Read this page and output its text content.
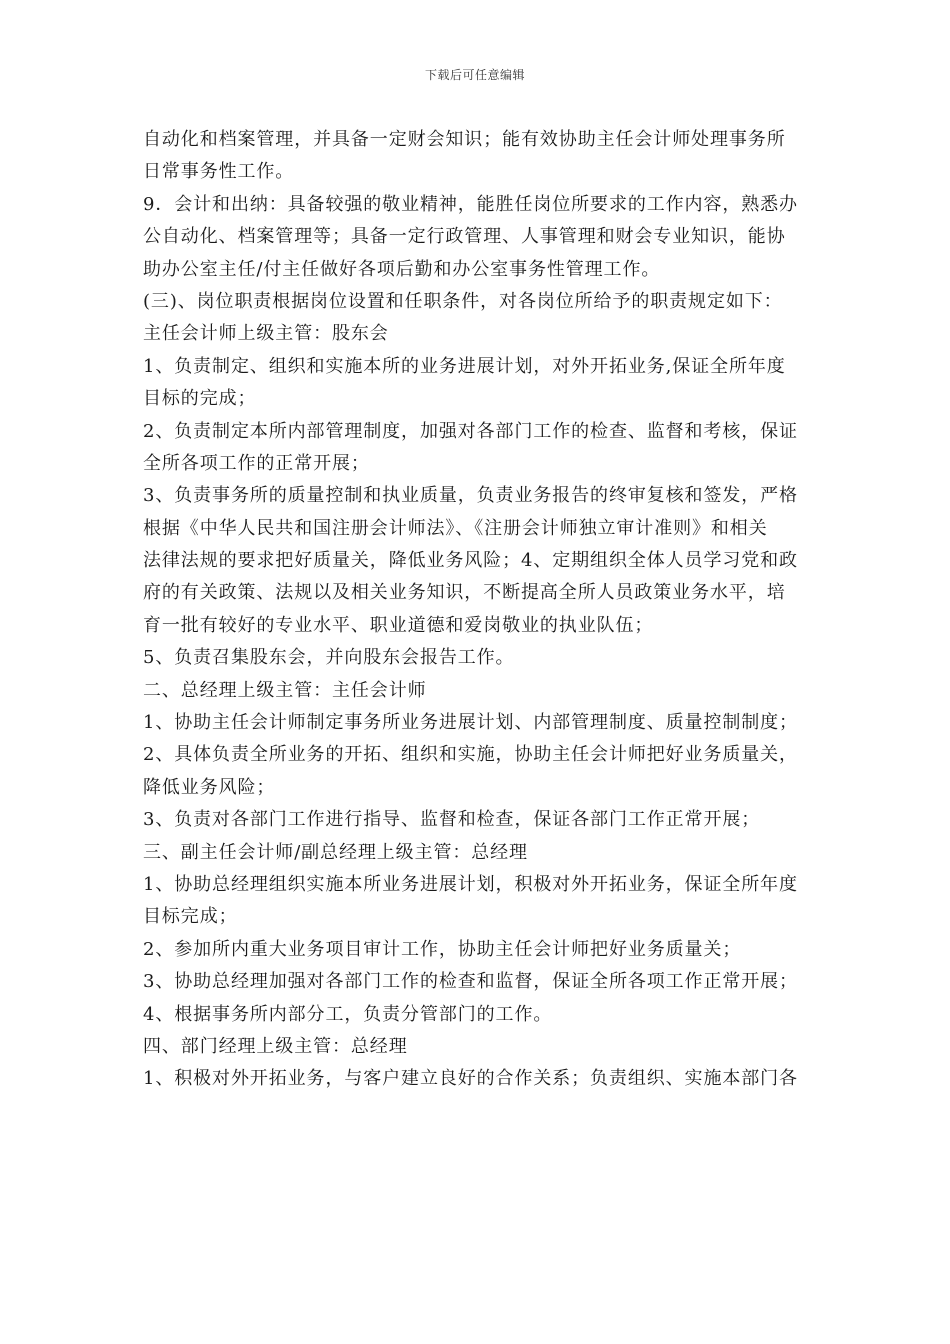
下载后可任意编辑
自动化和档案管理，并具备一定财会知识；能有效协助主任会计师处理事务所
日常事务性工作。
9．会计和出纳：具备较强的敬业精神，能胜任岗位所要求的工作内容，熟悉办
公自动化、档案管理等；具备一定行政管理、人事管理和财会专业知识，能协
助办公室主任/付主任做好各项后勤和办公室事务性管理工作。
(三)、岗位职责根据岗位设置和任职条件，对各岗位所给予的职责规定如下：
主任会计师上级主管：股东会
1、负责制定、组织和实施本所的业务进展计划，对外开拓业务,保证全所年度
目标的完成；
2、负责制定本所内部管理制度，加强对各部门工作的检查、监督和考核，保证
全所各项工作的正常开展；
3、负责事务所的质量控制和执业质量，负责业务报告的终审复核和签发，严格
根据《中华人民共和国注册会计师法》、《注册会计师独立审计准则》和相关
法律法规的要求把好质量关，降低业务风险；4、定期组织全体人员学习党和政
府的有关政策、法规以及相关业务知识，不断提高全所人员政策业务水平，培
育一批有较好的专业水平、职业道德和爱岗敬业的执业队伍；
5、负责召集股东会，并向股东会报告工作。
二、总经理上级主管：主任会计师
1、协助主任会计师制定事务所业务进展计划、内部管理制度、质量控制制度；
2、具体负责全所业务的开拓、组织和实施，协助主任会计师把好业务质量关，
降低业务风险；
3、负责对各部门工作进行指导、监督和检查，保证各部门工作正常开展；
三、副主任会计师/副总经理上级主管：总经理
1、协助总经理组织实施本所业务进展计划，积极对外开拓业务，保证全所年度
目标完成；
2、参加所内重大业务项目审计工作，协助主任会计师把好业务质量关；
3、协助总经理加强对各部门工作的检查和监督，保证全所各项工作正常开展；
4、根据事务所内部分工，负责分管部门的工作。
四、部门经理上级主管：总经理
1、积极对外开拓业务，与客户建立良好的合作关系；负责组织、实施本部门各
